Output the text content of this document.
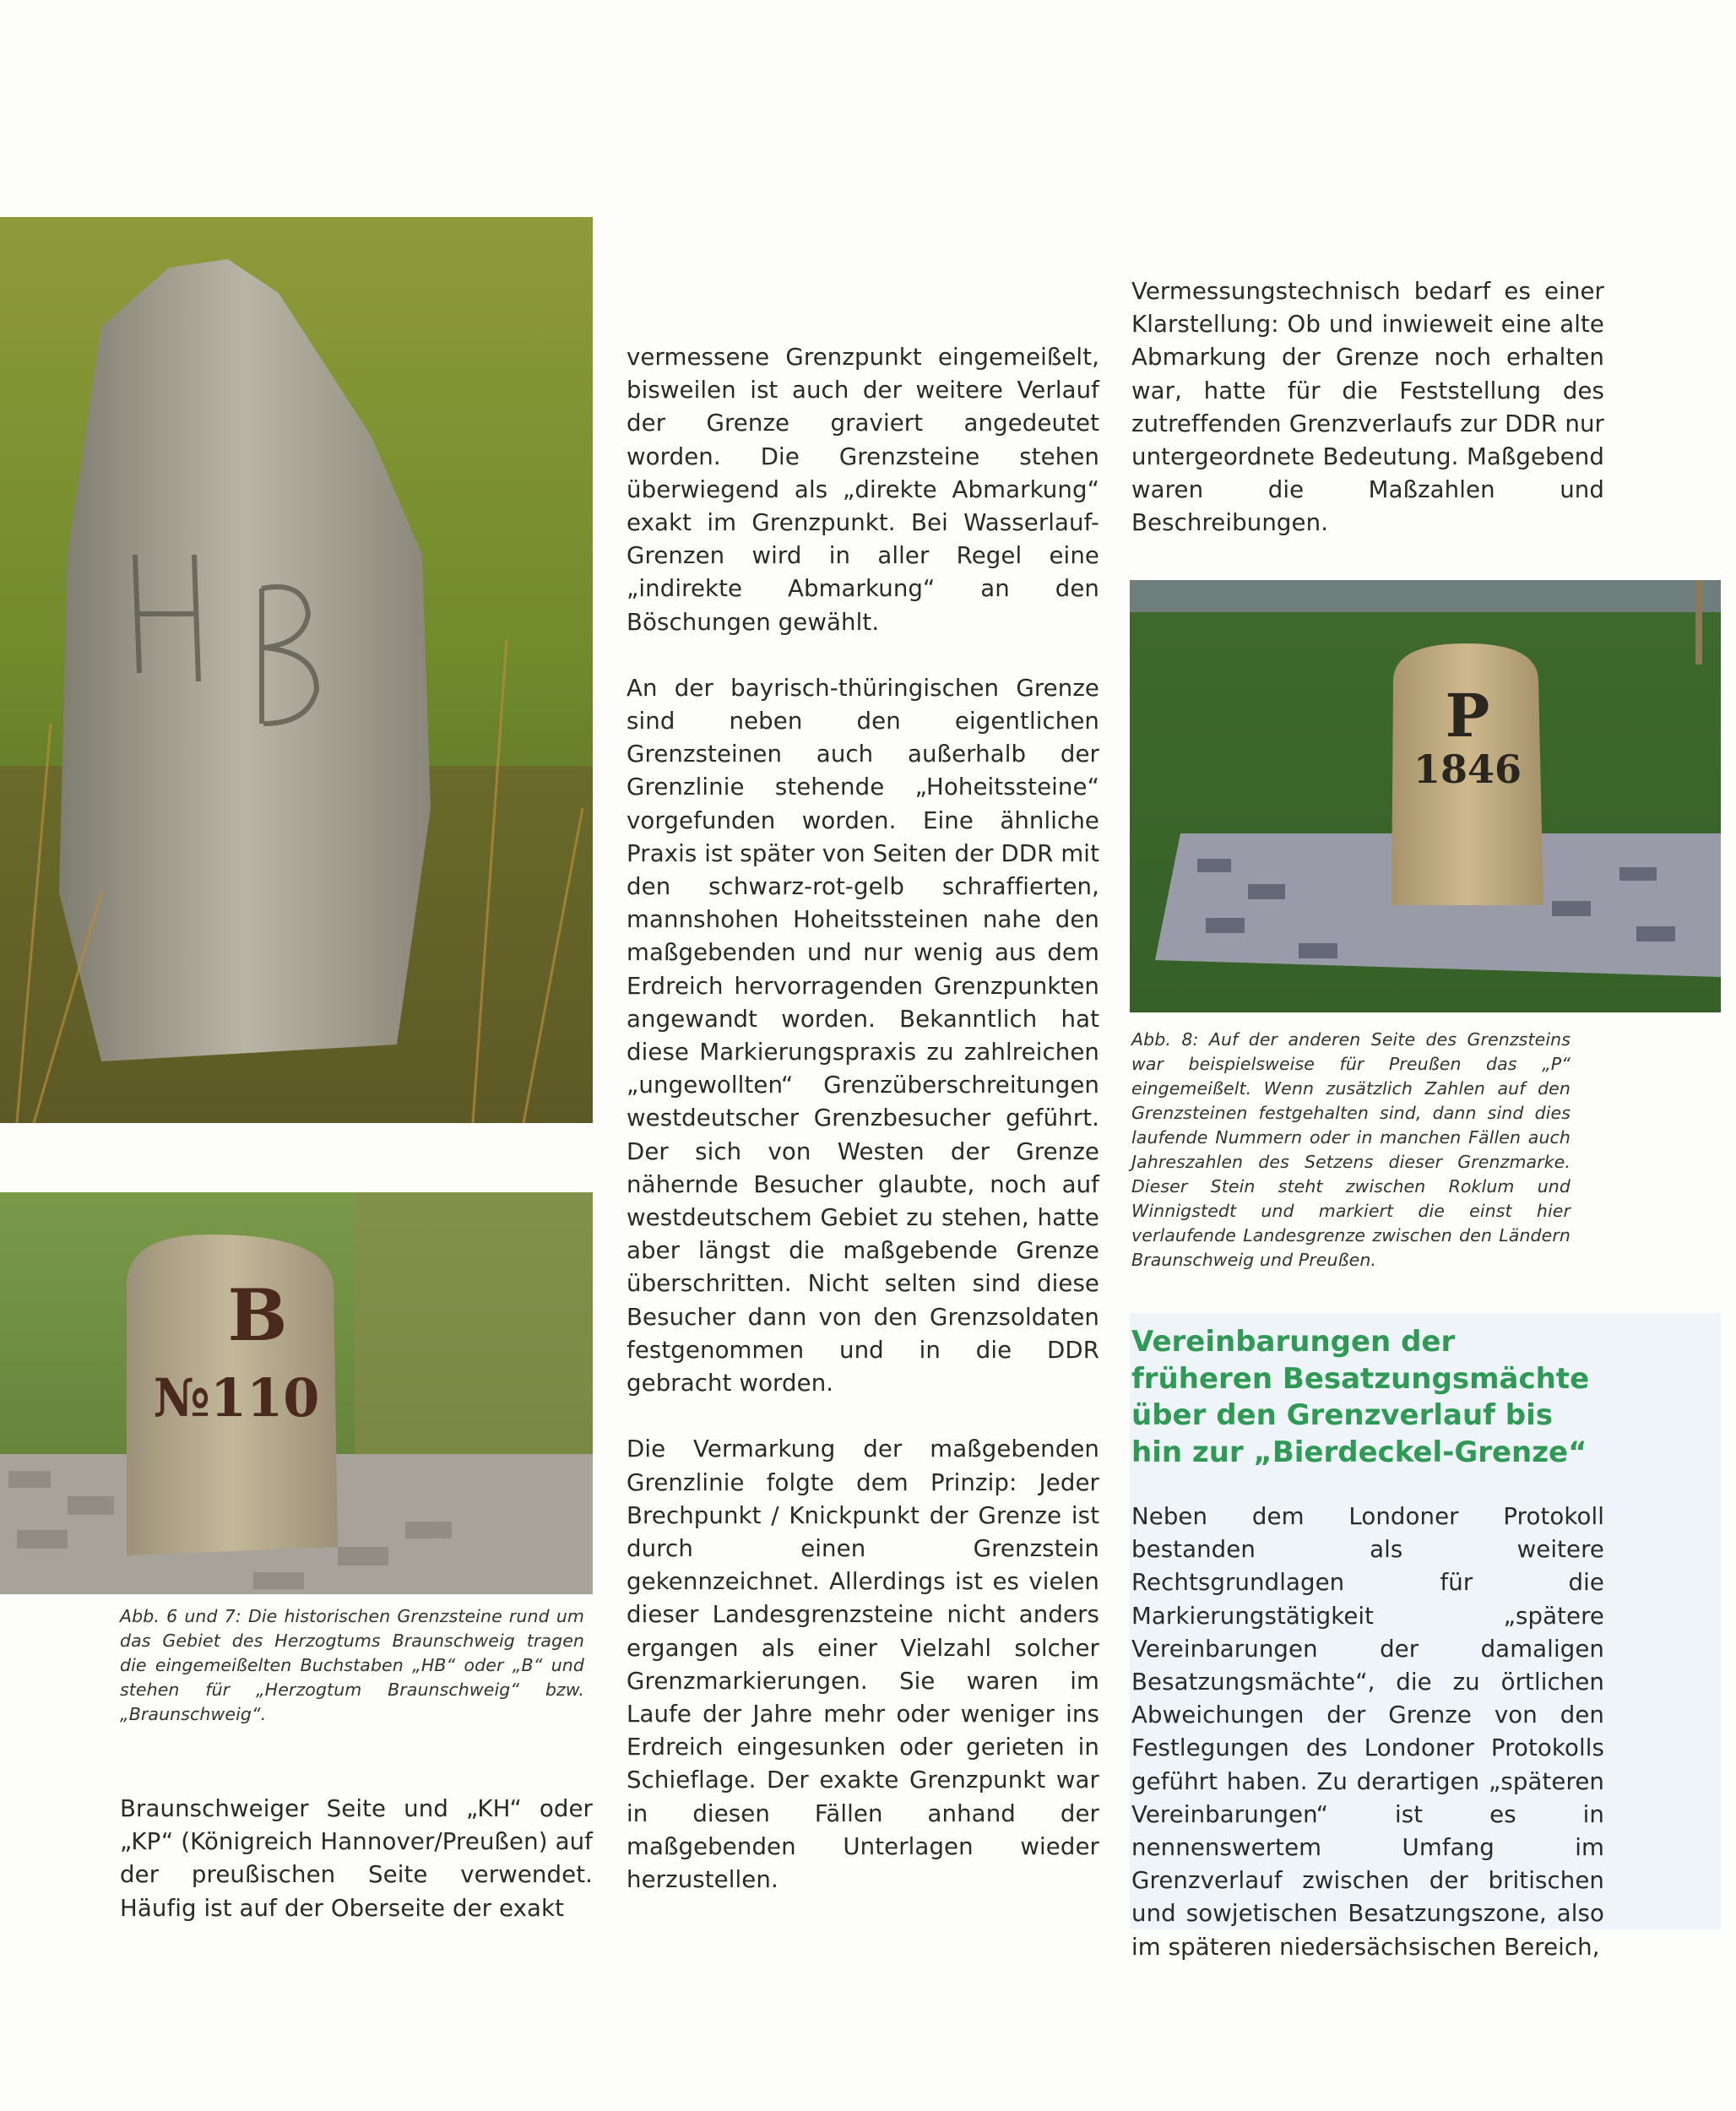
HB
B
№110

Abb. 6 und 7: Die historischen Grenzsteine rund um das Gebiet des Herzogtums Braunschweig tragen die eingemeißelten Buchstaben „HB“ oder „B“ und stehen für „Herzogtum Braunschweig“ bzw. „Braunschweig“.

Braunschweiger Seite und „KH“ oder „KP“ (Königreich Hannover/Preußen) auf der preußischen Seite verwendet. Häufig ist auf der Oberseite der exakt

vermessene Grenzpunkt eingemeißelt, bisweilen ist auch der weitere Verlauf der Grenze graviert angedeutet worden. Die Grenzsteine stehen überwiegend als „direkte Abmarkung“ exakt im Grenzpunkt. Bei Wasserlauf-Grenzen wird in aller Regel eine „indirekte Abmarkung“ an den Böschungen gewählt.

An der bayrisch-thüringischen Grenze sind neben den eigentlichen Grenzsteinen auch außerhalb der Grenzlinie stehende „Hoheitssteine“ vorgefunden worden. Eine ähnliche Praxis ist später von Seiten der DDR mit den schwarz-rot-gelb schraffierten, mannshohen Hoheitssteinen nahe den maßgebenden und nur wenig aus dem Erdreich hervorragenden Grenzpunkten angewandt worden. Bekanntlich hat diese Markierungspraxis zu zahlreichen „ungewollten“ Grenzüberschreitungen westdeutscher Grenzbesucher geführt. Der sich von Westen der Grenze nähernde Besucher glaubte, noch auf westdeutschem Gebiet zu stehen, hatte aber längst die maßgebende Grenze überschritten. Nicht selten sind diese Besucher dann von den Grenzsoldaten festgenommen und in die DDR gebracht worden.

Die Vermarkung der maßgebenden Grenzlinie folgte dem Prinzip: Jeder Brechpunkt / Knickpunkt der Grenze ist durch einen Grenzstein gekennzeichnet. Allerdings ist es vielen dieser Landesgrenzsteine nicht anders ergangen als einer Vielzahl solcher Grenzmarkierungen. Sie waren im Laufe der Jahre mehr oder weniger ins Erdreich eingesunken oder gerieten in Schieflage. Der exakte Grenzpunkt war in diesen Fällen anhand der maßgebenden Unterlagen wieder herzustellen.

Vermessungstechnisch bedarf es einer Klarstellung: Ob und inwieweit eine alte Abmarkung der Grenze noch erhalten war, hatte für die Feststellung des zutreffenden Grenzverlaufs zur DDR nur untergeordnete Bedeutung. Maßgebend waren die Maßzahlen und Beschreibungen.

P
1846

Abb. 8: Auf der anderen Seite des Grenzsteins war beispielsweise für Preußen das „P“ eingemeißelt. Wenn zusätzlich Zahlen auf den Grenzsteinen festgehalten sind, dann sind dies laufende Nummern oder in manchen Fällen auch Jahreszahlen des Setzens dieser Grenzmarke. Dieser Stein steht zwischen Roklum und Winnigstedt und markiert die einst hier verlaufende Landesgrenze zwischen den Ländern Braunschweig und Preußen.

Vereinbarungen der früheren Besatzungsmächte über den Grenzverlauf bis hin zur „Bierdeckel-Grenze“

Neben dem Londoner Protokoll bestanden als weitere Rechtsgrundlagen für die Markierungstätigkeit „spätere Vereinbarungen der damaligen Besatzungsmächte“, die zu örtlichen Abweichungen der Grenze von den Festlegungen des Londoner Protokolls geführt haben. Zu derartigen „späteren Vereinbarungen“ ist es in nennenswertem Umfang im Grenzverlauf zwischen der britischen und sowjetischen Besatzungszone, also im späteren niedersächsischen Bereich,
